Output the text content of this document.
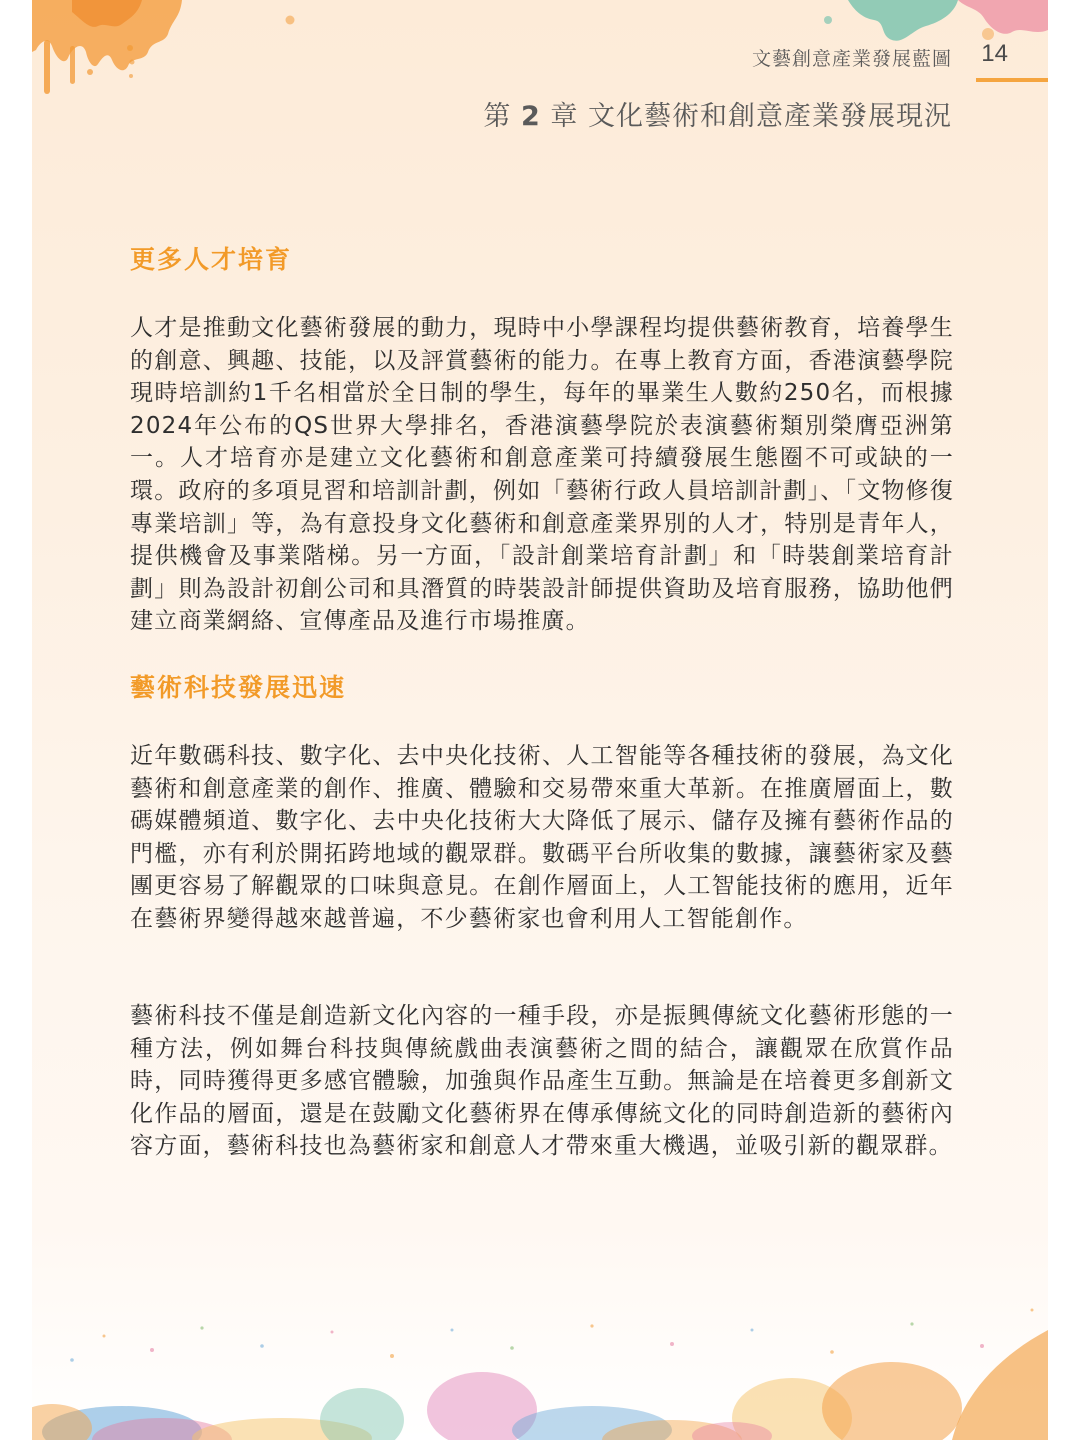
文藝創意產業發展藍圖 14
第 2 章 文化藝術和創意產業發展現況
更多人才培育
人才是推動文化藝術發展的動力，現時中小學課程均提供藝術教育，培養學生的創意、興趣、技能，以及評賞藝術的能力。在專上教育方面，香港演藝學院現時培訓約1千名相當於全日制的學生，每年的畢業生人數約250名，而根據2024年公布的QS世界大學排名，香港演藝學院於表演藝術類別榮膺亞洲第一。人才培育亦是建立文化藝術和創意產業可持續發展生態圈不可或缺的一環。政府的多項見習和培訓計劃，例如「藝術行政人員培訓計劃」、「文物修復專業培訓」等，為有意投身文化藝術和創意產業界別的人才，特別是青年人，提供機會及事業階梯。另一方面，「設計創業培育計劃」和「時裝創業培育計劃」則為設計初創公司和具潛質的時裝設計師提供資助及培育服務，協助他們建立商業網絡、宣傳產品及進行市場推廣。
藝術科技發展迅速
近年數碼科技、數字化、去中央化技術、人工智能等各種技術的發展，為文化藝術和創意產業的創作、推廣、體驗和交易帶來重大革新。在推廣層面上，數碼媒體頻道、數字化、去中央化技術大大降低了展示、儲存及擁有藝術作品的門檻，亦有利於開拓跨地域的觀眾群。數碼平台所收集的數據，讓藝術家及藝團更容易了解觀眾的口味與意見。在創作層面上，人工智能技術的應用，近年在藝術界變得越來越普遍，不少藝術家也會利用人工智能創作。
藝術科技不僅是創造新文化內容的一種手段，亦是振興傳統文化藝術形態的一種方法，例如舞台科技與傳統戲曲表演藝術之間的結合，讓觀眾在欣賞作品時，同時獲得更多感官體驗，加強與作品產生互動。無論是在培養更多創新文化作品的層面，還是在鼓勵文化藝術界在傳承傳統文化的同時創造新的藝術內容方面，藝術科技也為藝術家和創意人才帶來重大機遇，並吸引新的觀眾群。
